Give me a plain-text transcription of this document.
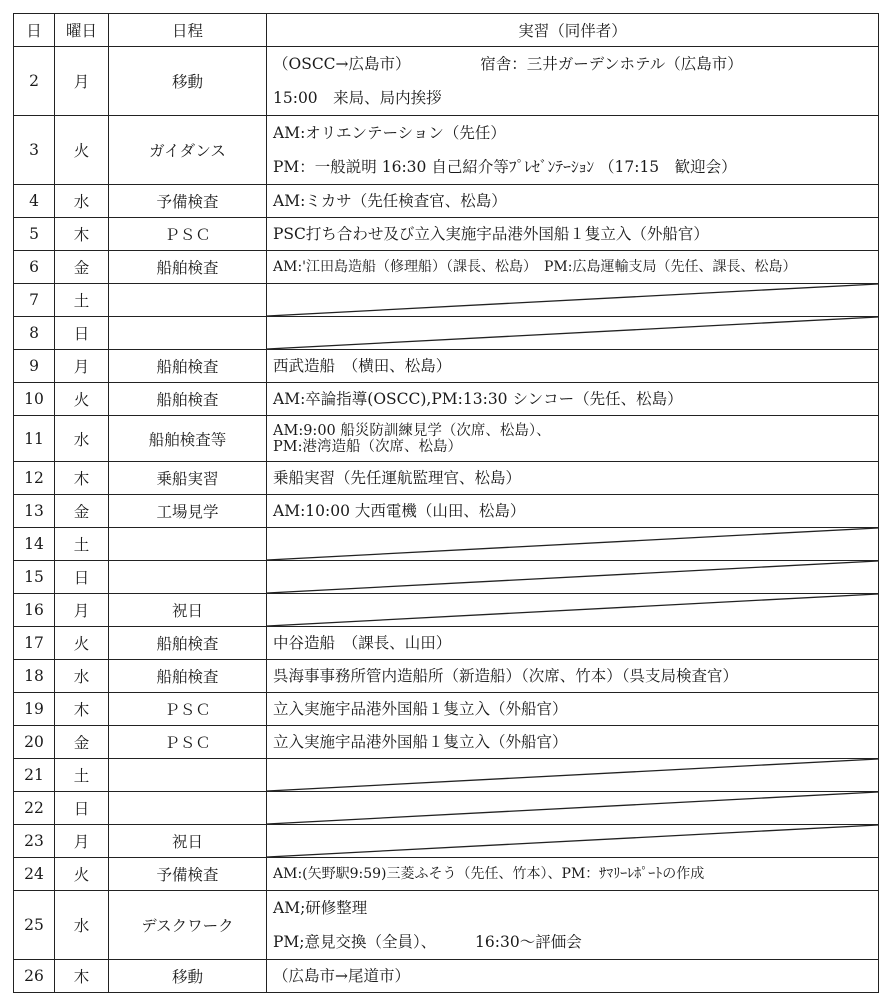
日	曜日	日程	実習（同伴者）
2	月	移動	（OSCC→広島市）　　　　　宿舎：三井ガーデンホテル（広島市）
15:00　来局、局内挨拶

3	火	ガイダンス	AM:オリエンテーション（先任）
PM：一般説明 16:30 自己紹介等ﾌﾟﾚｾﾞﾝﾃｰｼｮﾝ （17:15　歓迎会）

4	水	予備検査	AM:ミカサ（先任検査官、松島）

5	木	ＰＳＣ	PSC打ち合わせ及び立入実施宇品港外国船１隻立入（外船官）

6	金	船舶検査	AM:'江田島造船（修理船）（課長、松島）　PM:広島運輸支局（先任、課長、松島）

7	土		

8	日		

9	月	船舶検査	西武造船　（横田、松島）

10	火	船舶検査	AM:卒論指導(OSCC),PM:13:30 シンコー（先任、松島）

11	水	船舶検査等	AM:9:00 船災防訓練見学（次席、松島）、
PM:港湾造船（次席、松島）

12	木	乗船実習	乗船実習（先任運航監理官、松島）

13	金	工場見学	AM:10:00 大西電機（山田、松島）

14	土		

15	日		

16	月	祝日	

17	火	船舶検査	中谷造船　（課長、山田）

18	水	船舶検査	呉海事事務所管内造船所（新造船）（次席、竹本）（呉支局検査官）

19	木	ＰＳＣ	立入実施宇品港外国船１隻立入（外船官）

20	金	ＰＳＣ	立入実施宇品港外国船１隻立入（外船官）

21	土		

22	日		

23	月	祝日	

24	火	予備検査	AM:(矢野駅9:59)三菱ふそう（先任、竹本）、PM：ｻﾏﾘｰﾚﾎﾟｰﾄの作成

25	水	デスクワーク	AM;研修整理
PM;意見交換（全員）、　　　16:30～評価会

26	木	移動	（広島市→尾道市）
